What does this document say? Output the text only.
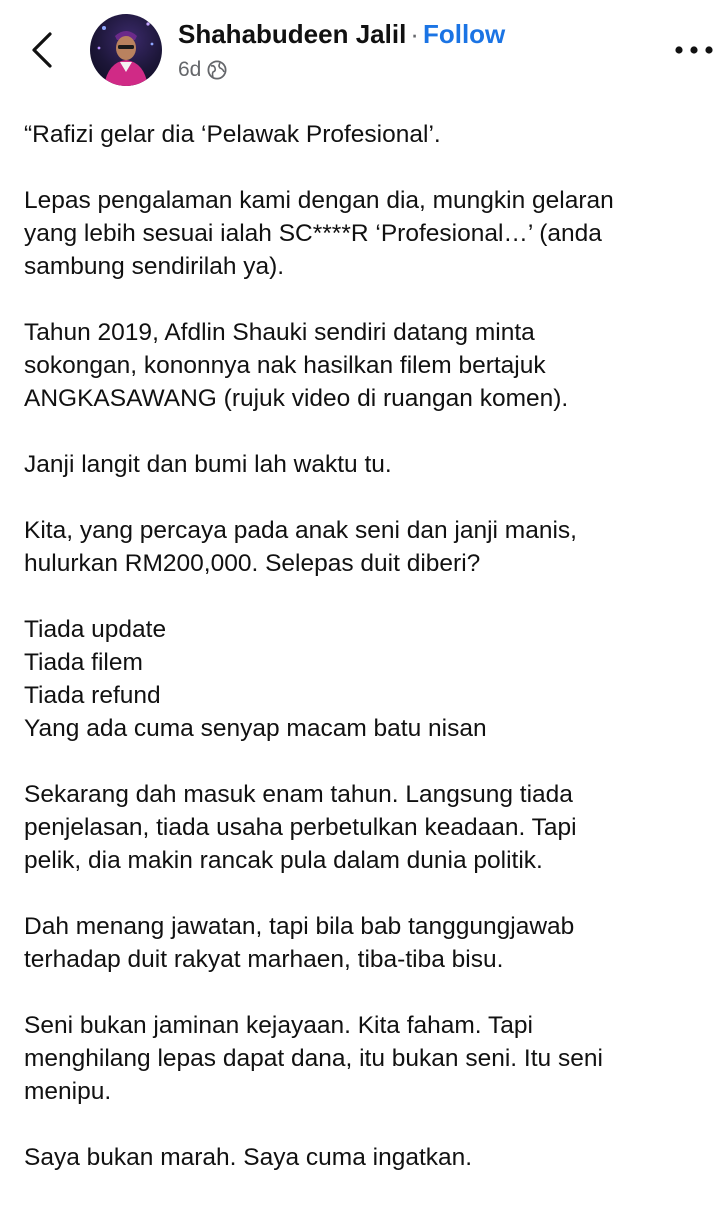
Shahabudeen Jalil · Follow
6d

“Rafizi gelar dia ‘Pelawak Profesional’.

Lepas pengalaman kami dengan dia, mungkin gelaran
yang lebih sesuai ialah SC****R ‘Profesional…’ (anda
sambung sendirilah ya).

Tahun 2019, Afdlin Shauki sendiri datang minta
sokongan, kononnya nak hasilkan filem bertajuk
ANGKASAWANG (rujuk video di ruangan komen).

Janji langit dan bumi lah waktu tu.

Kita, yang percaya pada anak seni dan janji manis,
hulurkan RM200,000. Selepas duit diberi?

Tiada update
Tiada filem
Tiada refund
Yang ada cuma senyap macam batu nisan

Sekarang dah masuk enam tahun. Langsung tiada
penjelasan, tiada usaha perbetulkan keadaan. Tapi
pelik, dia makin rancak pula dalam dunia politik.

Dah menang jawatan, tapi bila bab tanggungjawab
terhadap duit rakyat marhaen, tiba-tiba bisu.

Seni bukan jaminan kejayaan. Kita faham. Tapi
menghilang lepas dapat dana, itu bukan seni. Itu seni
menipu.

Saya bukan marah. Saya cuma ingatkan.
